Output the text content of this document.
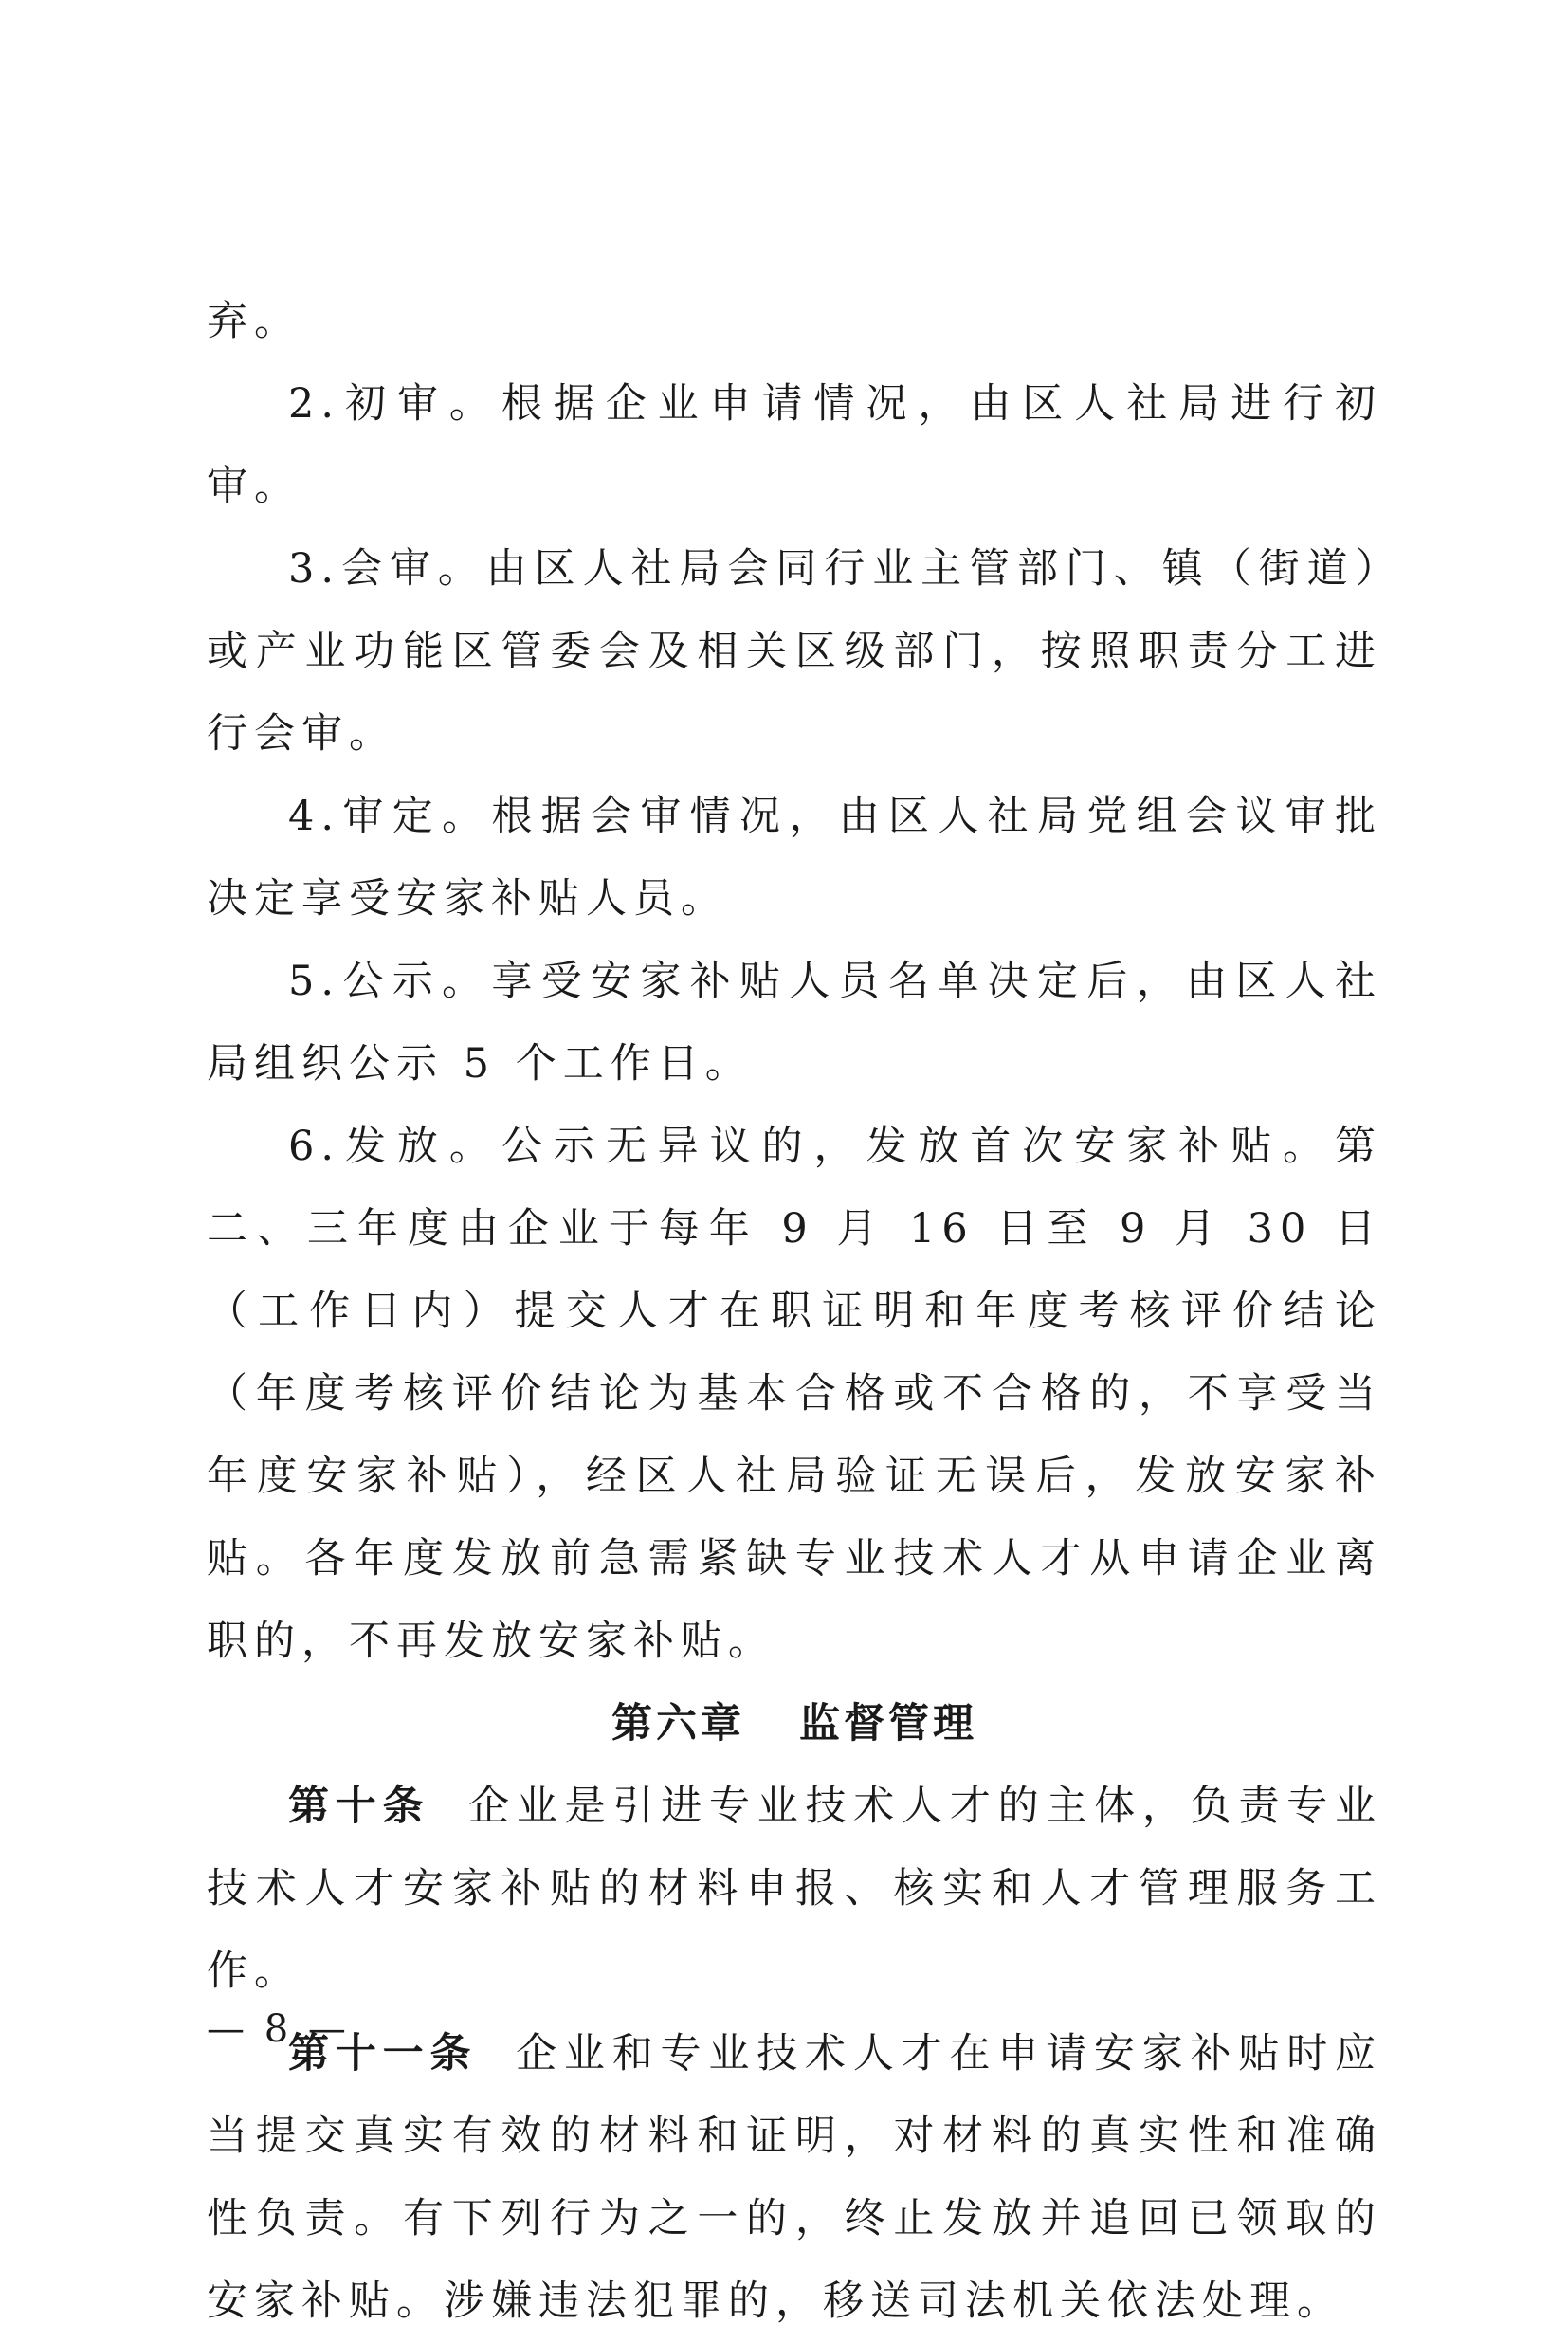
弃。

2.初审。根据企业申请情况，由区人社局进行初审。

3.会审。由区人社局会同行业主管部门、镇（街道）或产业功能区管委会及相关区级部门，按照职责分工进行会审。

4.审定。根据会审情况，由区人社局党组会议审批决定享受安家补贴人员。

5.公示。享受安家补贴人员名单决定后，由区人社局组织公示 5 个工作日。

6.发放。公示无异议的，发放首次安家补贴。第二、三年度由企业于每年 9 月 16 日至 9 月 30 日（工作日内）提交人才在职证明和年度考核评价结论（年度考核评价结论为基本合格或不合格的，不享受当年度安家补贴），经区人社局验证无误后，发放安家补贴。各年度发放前急需紧缺专业技术人才从申请企业离职的，不再发放安家补贴。

第六章   监督管理

第十条 企业是引进专业技术人才的主体，负责专业技术人才安家补贴的材料申报、核实和人才管理服务工作。

第十一条 企业和专业技术人才在申请安家补贴时应当提交真实有效的材料和证明，对材料的真实性和准确性负责。有下列行为之一的，终止发放并追回已领取的安家补贴。涉嫌违法犯罪的，移送司法机关依法处理。

— 8 —
